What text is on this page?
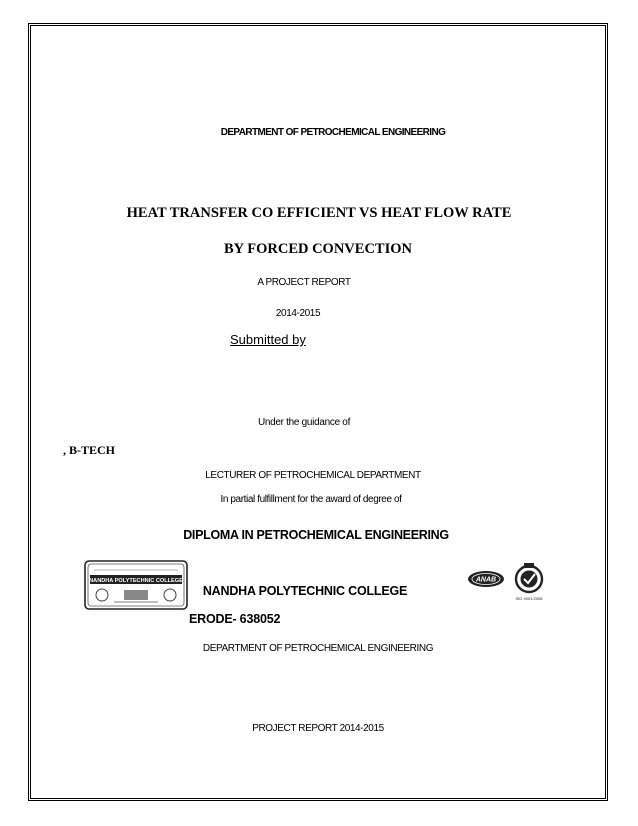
DEPARTMENT OF PETROCHEMICAL ENGINEERING
HEAT TRANSFER CO EFFICIENT VS HEAT FLOW RATE
BY FORCED CONVECTION
A PROJECT REPORT
2014-2015
Submitted by
Under the guidance of
, B-TECH
LECTURER OF PETROCHEMICAL DEPARTMENT
In partial fulfillment for the award of degree of
DIPLOMA IN PETROCHEMICAL ENGINEERING
NANDHA POLYTECHNIC COLLEGE
NANDHA POLYTECHNIC COLLEGE
ANAB
ISO 9001:2008
ERODE- 638052
DEPARTMENT OF PETROCHEMICAL ENGINEERING
PROJECT REPORT 2014-2015
